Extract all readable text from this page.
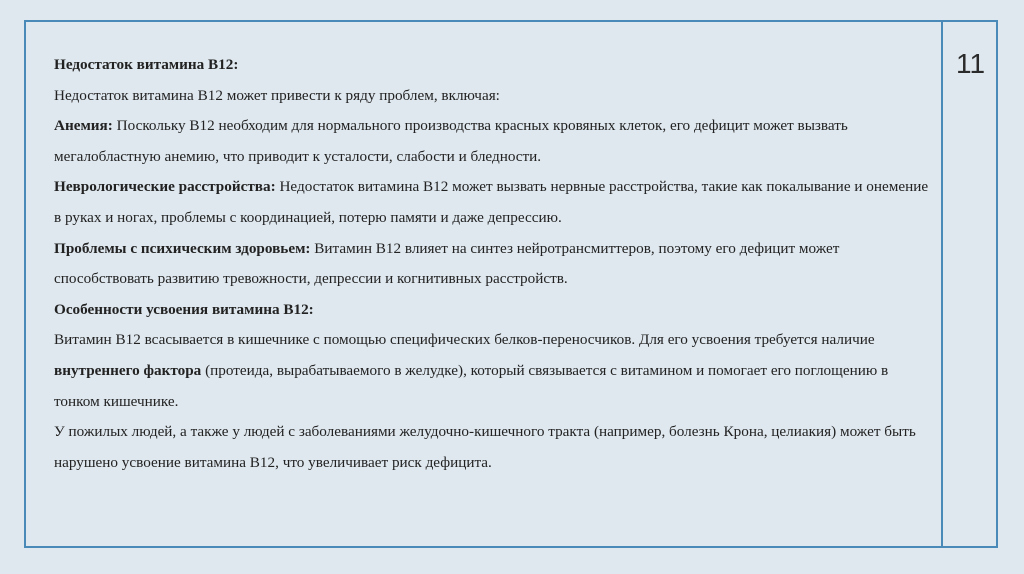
11

Недостаток витамина B12:

Недостаток витамина B12 может привести к ряду проблем, включая:

Анемия: Поскольку B12 необходим для нормального производства красных кровяных клеток, его дефицит может вызвать мегалобластную анемию, что приводит к усталости, слабости и бледности.

Неврологические расстройства: Недостаток витамина B12 может вызвать нервные расстройства, такие как покалывание и онемение в руках и ногах, проблемы с координацией, потерю памяти и даже депрессию.

Проблемы с психическим здоровьем: Витамин B12 влияет на синтез нейротрансмиттеров, поэтому его дефицит может способствовать развитию тревожности, депрессии и когнитивных расстройств.

Особенности усвоения витамина B12:

Витамин B12 всасывается в кишечнике с помощью специфических белков-переносчиков. Для его усвоения требуется наличие внутреннего фактора (протеида, вырабатываемого в желудке), который связывается с витамином и помогает его поглощению в тонком кишечнике.

У пожилых людей, а также у людей с заболеваниями желудочно-кишечного тракта (например, болезнь Крона, целиакия) может быть нарушено усвоение витамина B12, что увеличивает риск дефицита.
